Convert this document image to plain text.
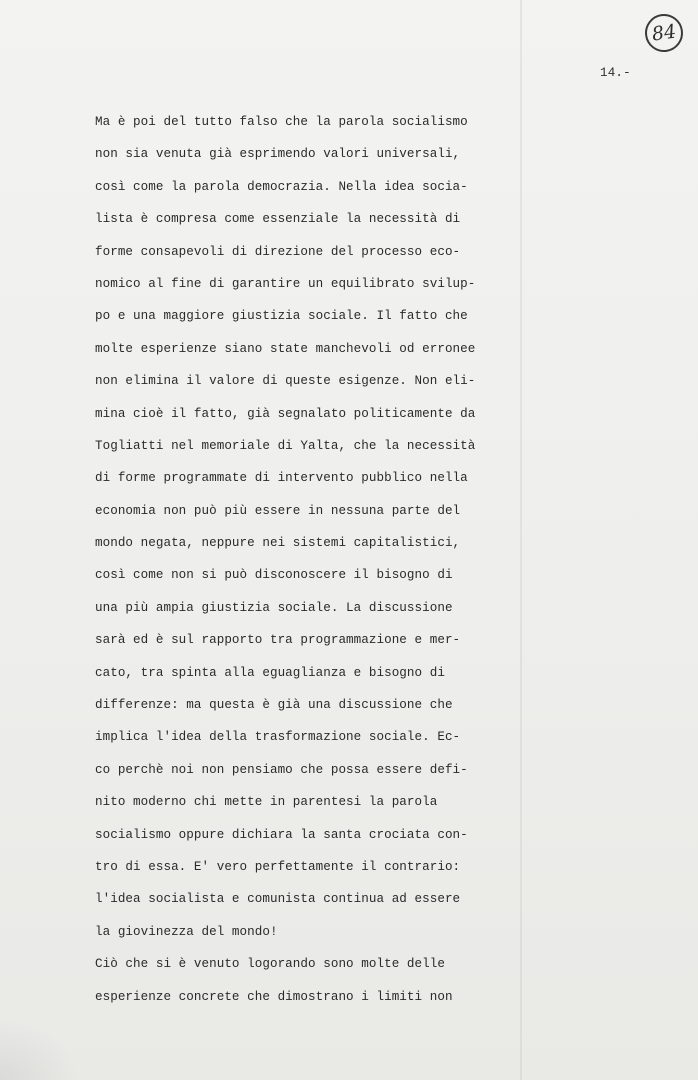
84
14.-
Ma è poi del tutto falso che la parola socialismo
non sia venuta già esprimendo valori universali,
così come la parola democrazia. Nella idea socia-
lista è compresa come essenziale la necessità di
forme consapevoli di direzione del processo eco-
nomico al fine di garantire un equilibrato svilup-
po e una maggiore giustizia sociale. Il fatto che
molte esperienze siano state manchevoli od erronee
non elimina il valore di queste esigenze. Non eli-
mina cioè il fatto, già segnalato politicamente da
Togliatti nel memoriale di Yalta, che la necessità
di forme programmate di intervento pubblico nella
economia non può più essere in nessuna parte del
mondo negata, neppure nei sistemi capitalistici,
così come non si può disconoscere il bisogno di
una più ampia giustizia sociale. La discussione
sarà ed è sul rapporto tra programmazione e mer-
cato, tra spinta alla eguaglianza e bisogno di
differenze: ma questa è già una discussione che
implica l'idea della trasformazione sociale. Ec-
co perchè noi non pensiamo che possa essere defi-
nito moderno chi mette in parentesi la parola
socialismo oppure dichiara la santa crociata con-
tro di essa. E' vero perfettamente il contrario:
l'idea socialista e comunista continua ad essere
la giovinezza del mondo!
Ciò che si è venuto logorando sono molte delle
esperienze concrete che dimostrano i limiti non
